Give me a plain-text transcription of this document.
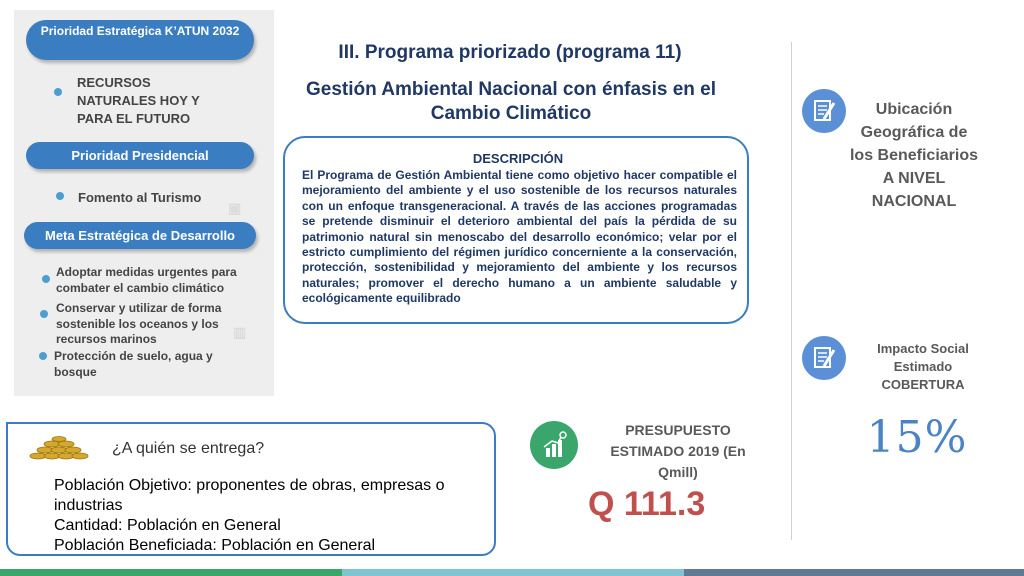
Prioridad Estratégica K’ATUN 2032
RECURSOS NATURALES HOY Y PARA EL FUTURO
Prioridad Presidencial
Fomento al Turismo
▣
Meta Estratégica de Desarrollo
Adoptar medidas urgentes para combater el cambio climático
Conservar y utilizar de forma sostenible los oceanos y los recursos marinos	▥
Protección de suelo, agua y bosque
III. Programa priorizado (programa 11)
Gestión Ambiental Nacional con énfasis en el Cambio Climático
DESCRIPCIÓN
El Programa de Gestión Ambiental tiene como objetivo hacer compatible el mejoramiento del ambiente y el uso sostenible de los recursos naturales con un enfoque transgeneracional. A través de las acciones programadas se pretende disminuir el deterioro ambiental del país la pérdida de su patrimonio natural sin menoscabo del desarrollo económico; velar por el estricto cumplimiento del régimen jurídico concerniente a la conservación, protección, sostenibilidad y mejoramiento del ambiente y los recursos naturales; promover el derecho humano a un ambiente saludable y ecológicamente equilibrado
Ubicación Geográfica de los Beneficiarios A NIVEL NACIONAL
Impacto Social Estimado COBERTURA
15%
¿A quién se entrega?
Población Objetivo: proponentes de obras, empresas o industrias
Cantidad: Población en General
Población Beneficiada: Población en General
PRESUPUESTO ESTIMADO 2019 (En Qmill)
Q 111.3
